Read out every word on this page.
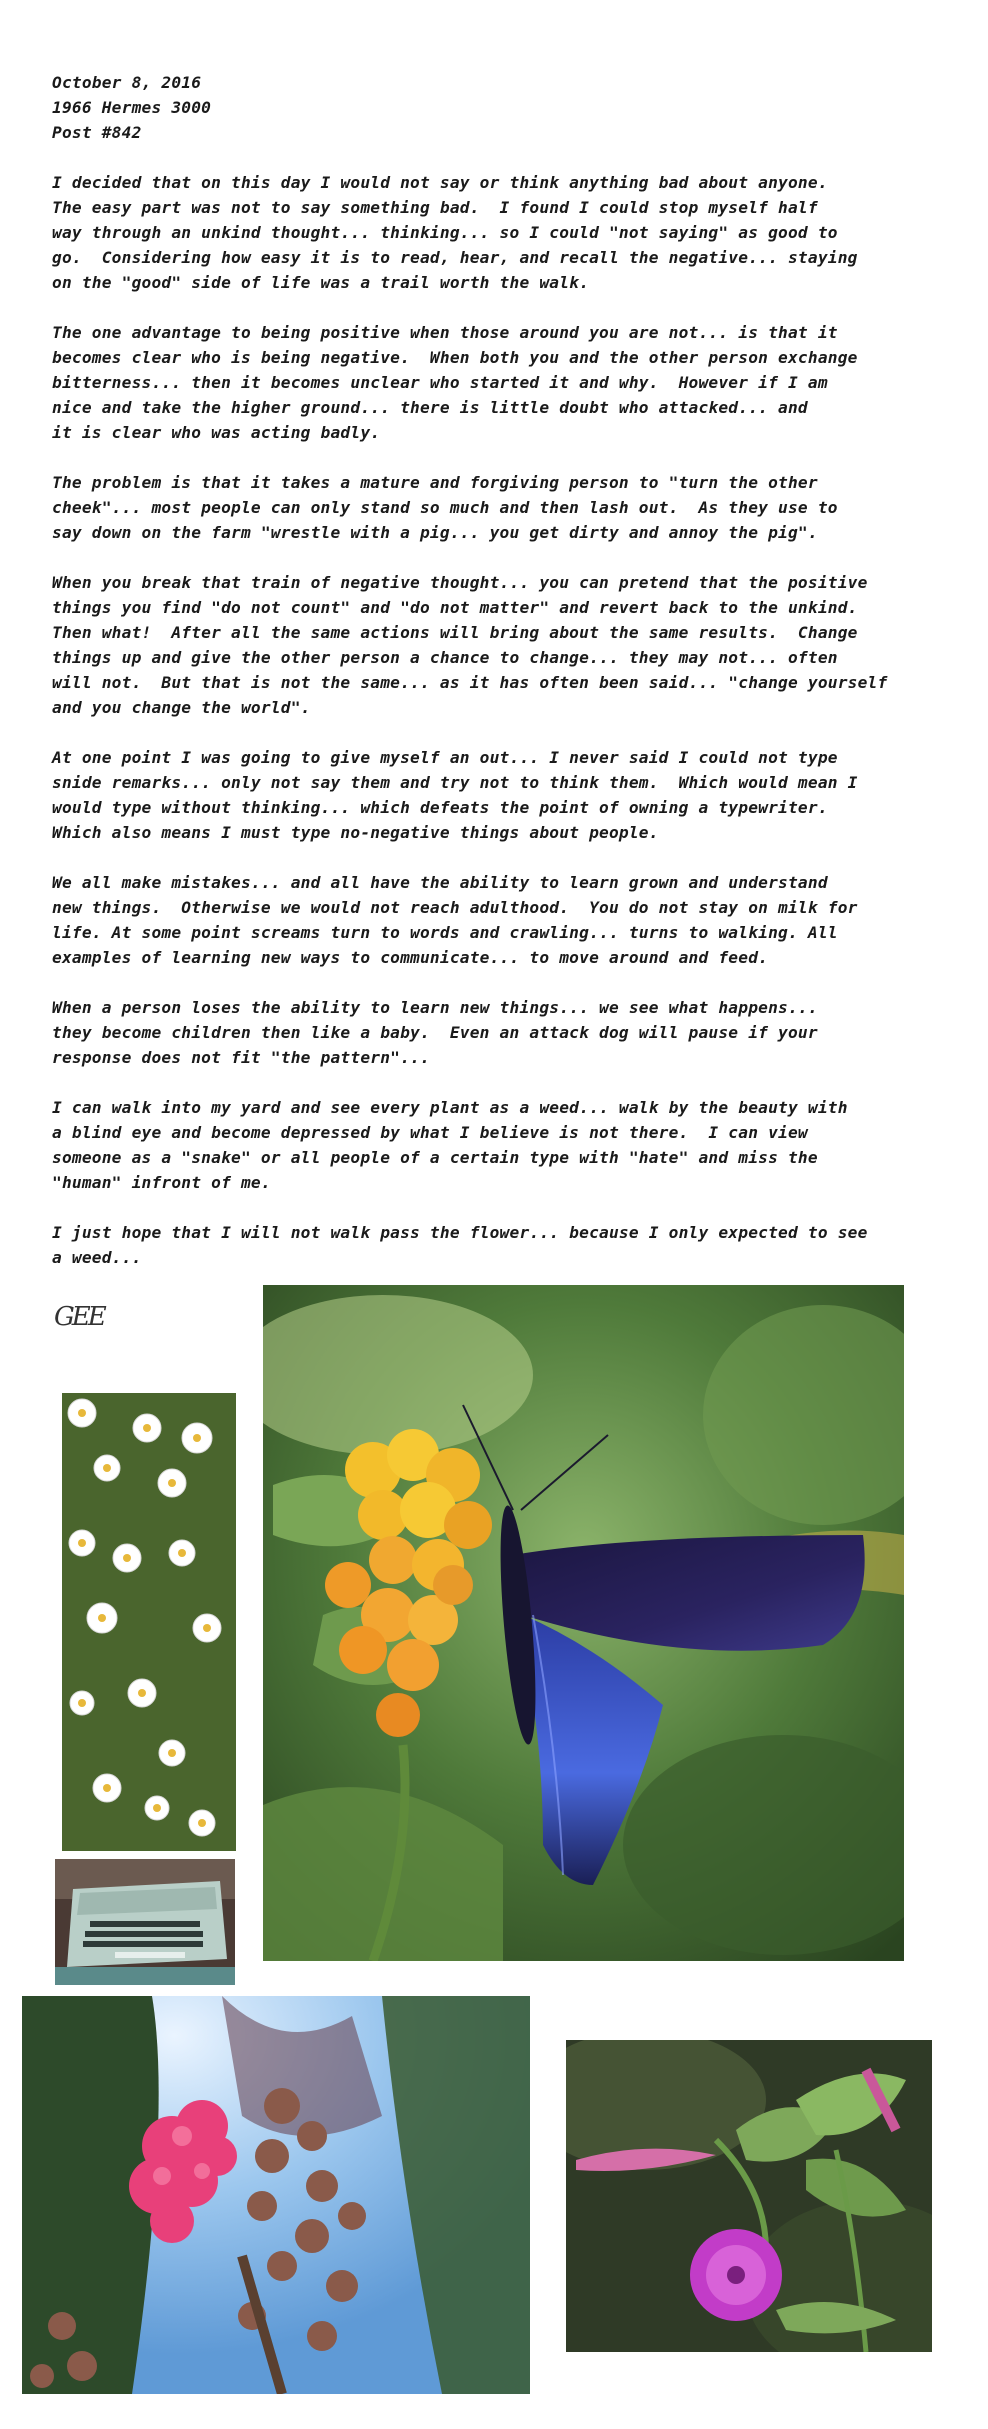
October 8, 2016
1966 Hermes 3000
Post #842
I decided that on this day I would not say or think anything bad about anyone.
The easy part was not to say something bad.  I found I could stop myself half
way through an unkind thought... thinking... so I could "not saying" as good to
go.  Considering how easy it is to read, hear, and recall the negative... staying
on the "good" side of life was a trail worth the walk.
The one advantage to being positive when those around you are not... is that it
becomes clear who is being negative.  When both you and the other person exchange
bitterness... then it becomes unclear who started it and why.  However if I am
nice and take the higher ground... there is little doubt who attacked... and
it is clear who was acting badly.
The problem is that it takes a mature and forgiving person to "turn the other
cheek"... most people can only stand so much and then lash out.  As they use to
say down on the farm "wrestle with a pig... you get dirty and annoy the pig".
When you break that train of negative thought... you can pretend that the positive
things you find "do not count" and "do not matter" and revert back to the unkind.
Then what!  After all the same actions will bring about the same results.  Change
things up and give the other person a chance to change... they may not... often
will not.  But that is not the same... as it has often been said... "change yourself
and you change the world".
At one point I was going to give myself an out... I never said I could not type
snide remarks... only not say them and try not to think them.  Which would mean I
would type without thinking... which defeats the point of owning a typewriter.
Which also means I must type no-negative things about people.
We all make mistakes... and all have the ability to learn grown and understand
new things.  Otherwise we would not reach adulthood.  You do not stay on milk for
life. At some point screams turn to words and crawling... turns to walking. All
examples of learning new ways to communicate... to move around and feed.
When a person loses the ability to learn new things... we see what happens...
they become children then like a baby.  Even an attack dog will pause if your
response does not fit "the pattern"...
I can walk into my yard and see every plant as a weed... walk by the beauty with
a blind eye and become depressed by what I believe is not there.  I can view
someone as a "snake" or all people of a certain type with "hate" and miss the
"human" infront of me.
I just hope that I will not walk pass the flower... because I only expected to see
a weed...
GEE
